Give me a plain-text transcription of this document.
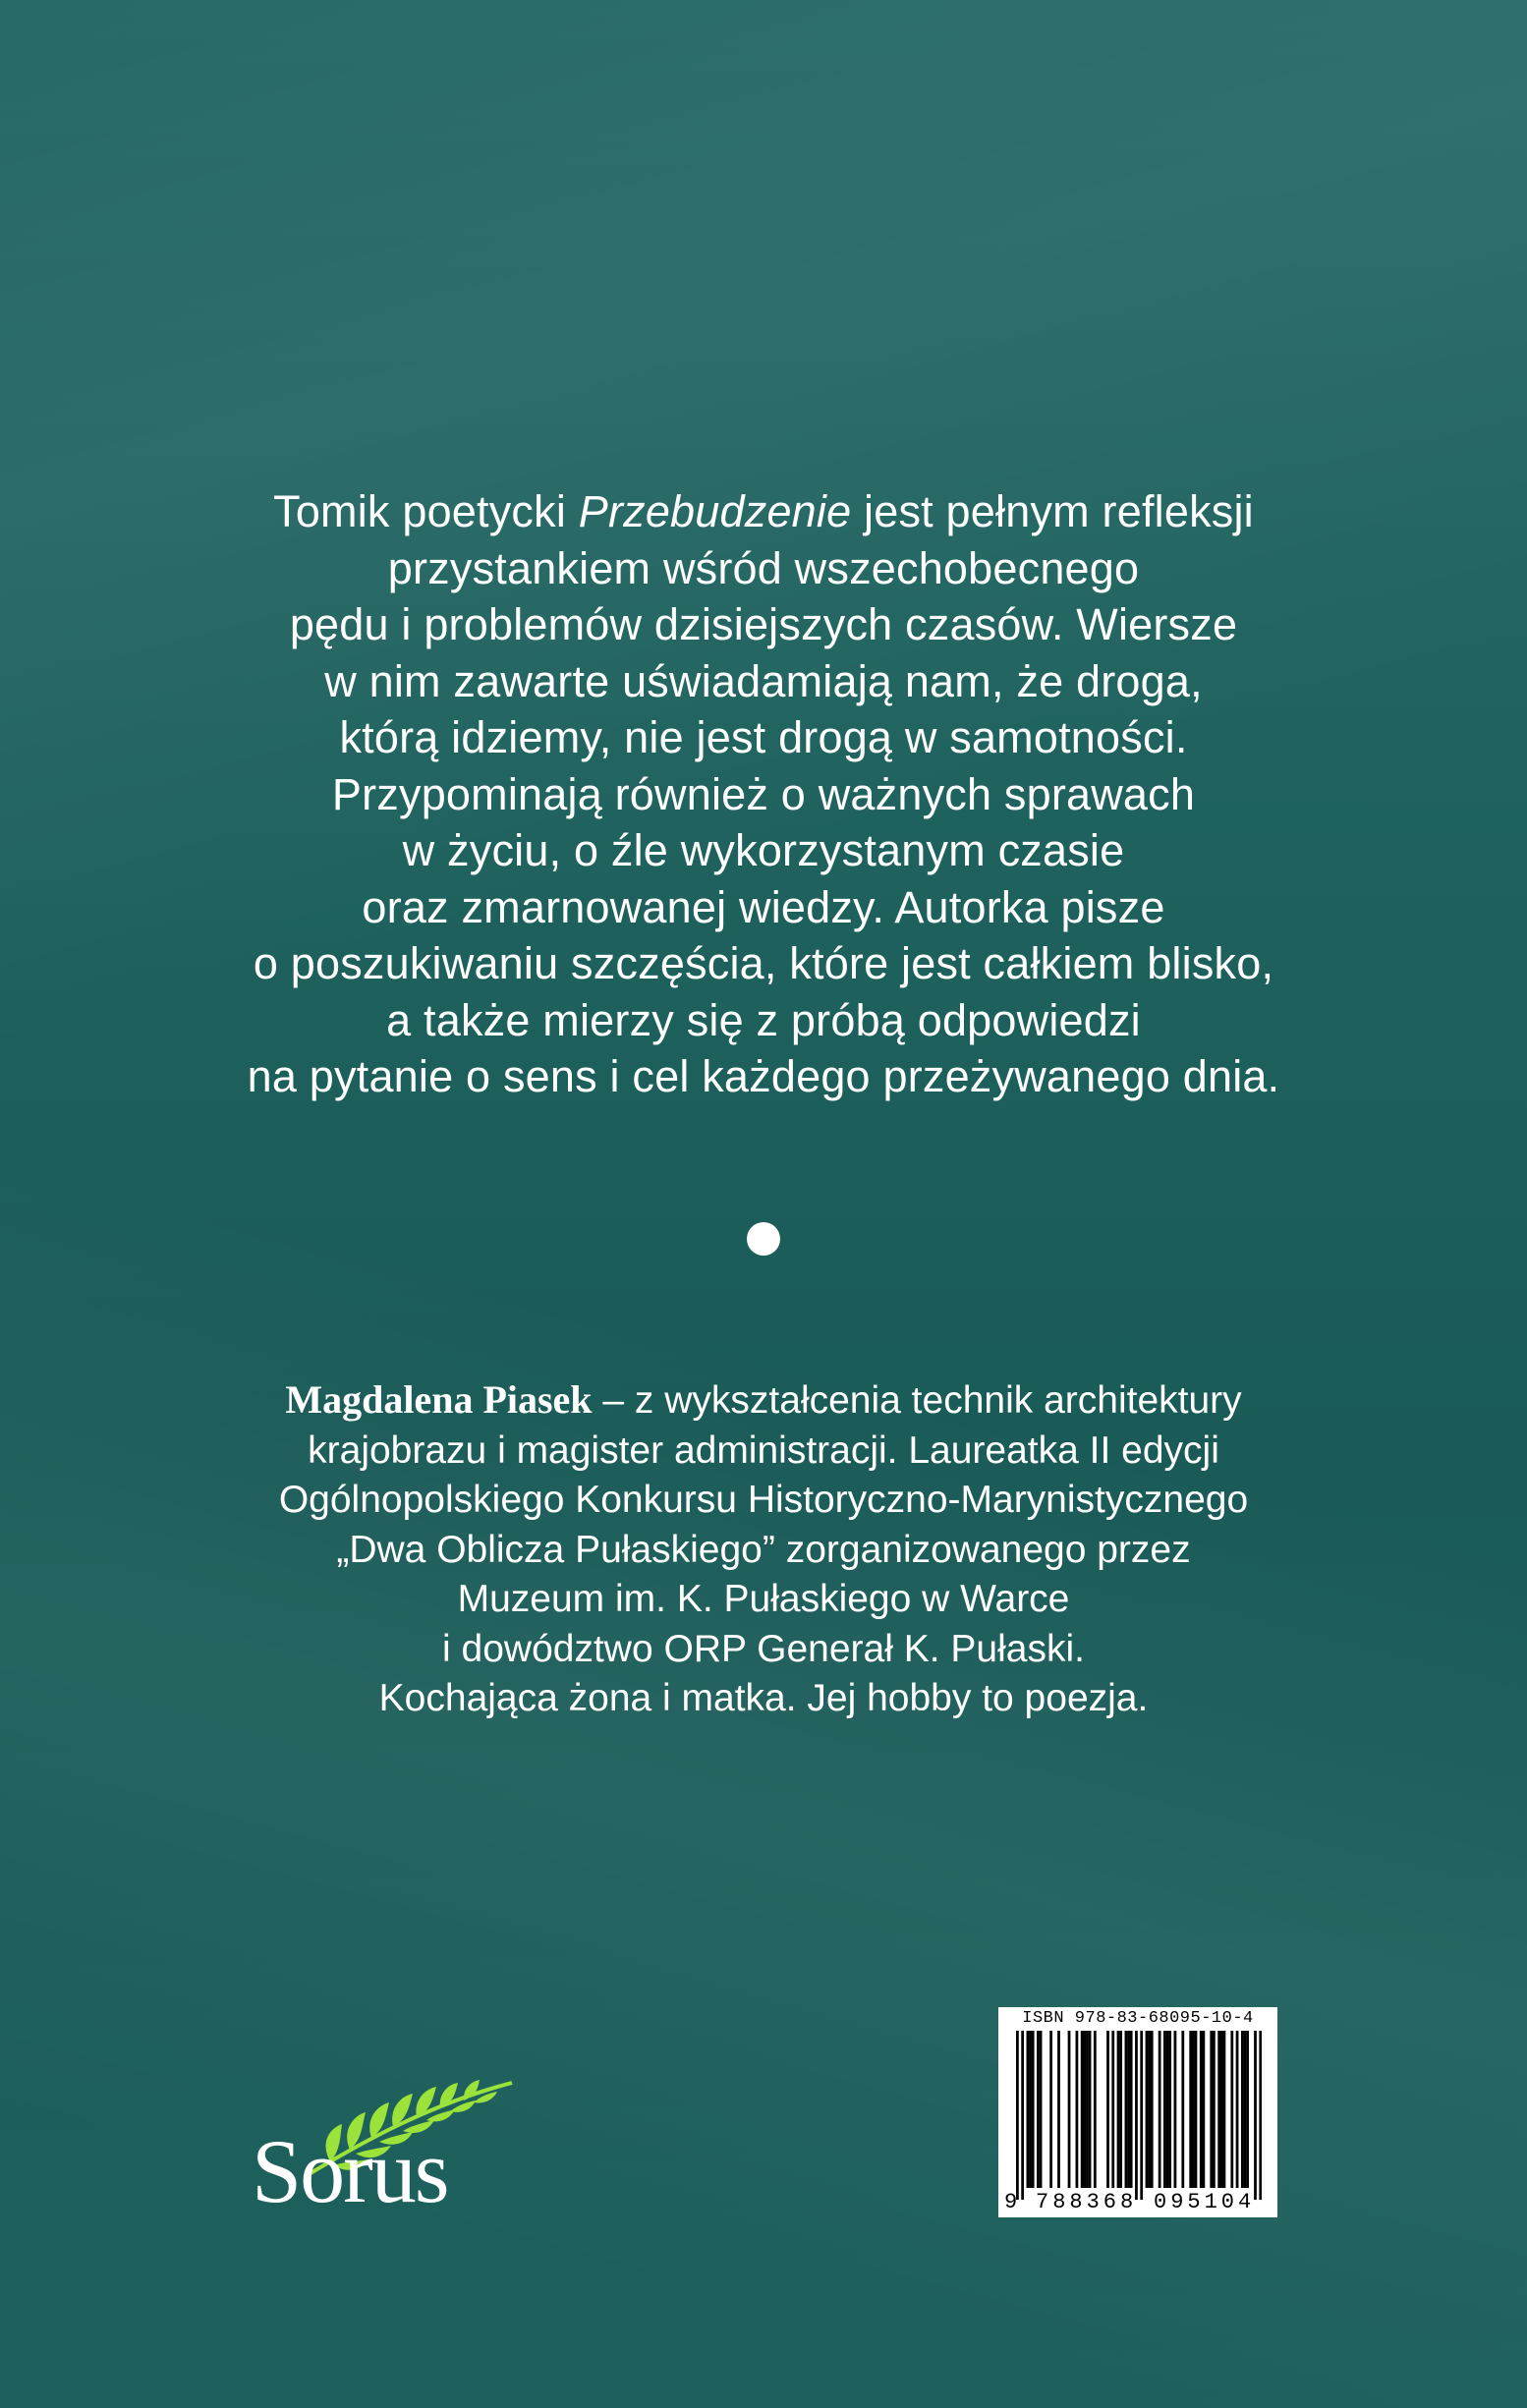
Tomik poetycki Przebudzenie jest pełnym refleksji
przystankiem wśród wszechobecnego
pędu i problemów dzisiejszych czasów. Wiersze
w nim zawarte uświadamiają nam, że droga,
którą idziemy, nie jest drogą w samotności.
Przypominają również o ważnych sprawach
w życiu, o źle wykorzystanym czasie
oraz zmarnowanej wiedzy. Autorka pisze
o poszukiwaniu szczęścia, które jest całkiem blisko,
a także mierzy się z próbą odpowiedzi
na pytanie o sens i cel każdego przeżywanego dnia.
Magdalena Piasek – z wykształcenia technik architektury
krajobrazu i magister administracji. Laureatka II edycji
Ogólnopolskiego Konkursu Historyczno-Marynistycznego
„Dwa Oblicza Pułaskiego” zorganizowanego przez
Muzeum im. K. Pułaskiego w Warce
i dowództwo ORP Generał K. Pułaski.
Kochająca żona i matka. Jej hobby to poezja.
Sorus
ISBN 978-83-68095-10-4
9 788368 095104
